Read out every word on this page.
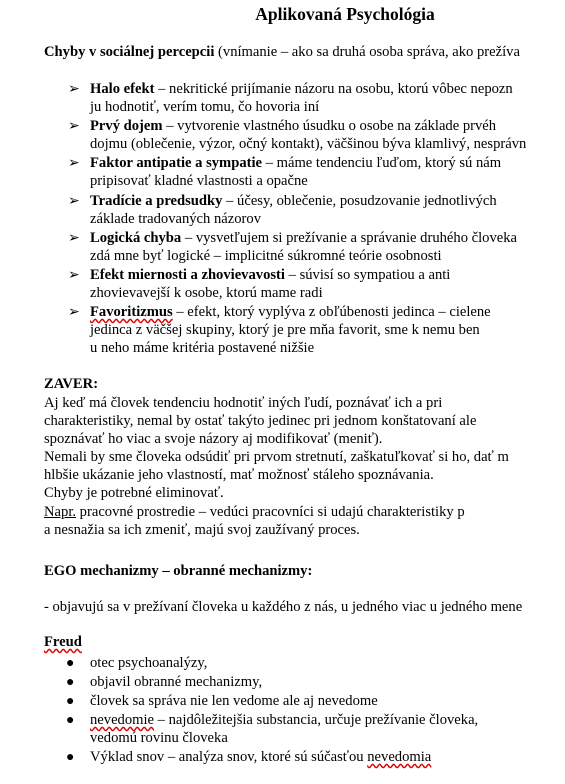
Aplikovaná Psychológia
Chyby v sociálnej percepcii (vnímanie – ako sa druhá osoba správa, ako prežíva
➢ Halo efekt – nekritické prijímanie názoru na osobu, ktorú vôbec nepozn
ju hodnotiť, verím tomu, čo hovoria iní
➢ Prvý dojem – vytvorenie vlastného úsudku o osobe na základe prvéh
dojmu (oblečenie, výzor, očný kontakt), väčšinou býva klamlivý, nesprávn
➢ Faktor antipatie a sympatie – máme tendenciu ľuďom, ktorý sú nám
pripisovať kladné vlastnosti a opačne
➢ Tradície a predsudky – účesy, oblečenie, posudzovanie jednotlivých
základe tradovaných názorov
➢ Logická chyba – vysvetľujem si prežívanie a správanie druhého človeka
zdá mne byť logické – implicitné súkromné teórie osobnosti
➢ Efekt miernosti a zhovievavosti – súvisí so sympatiou a anti
zhovievavejší k osobe, ktorú mame radi
➢ Favoritizmus – efekt, ktorý vyplýva z obľúbenosti jedinca – cielene
jedinca z väčšej skupiny, ktorý je pre mňa favorit, sme k nemu ben
u neho máme kritéria postavené nižšie
ZAVER:
Aj keď má človek tendenciu hodnotiť iných ľudí, poznávať ich a pri
charakteristiky, nemal by ostať takýto jedinec pri jednom konštatovaní ale
spoznávať ho viac a svoje názory aj modifikovať (meniť).
Nemali by sme človeka odsúdiť pri prvom stretnutí, zaškatuľkovať si ho, dať m
hlbšie ukázanie jeho vlastností, mať možnosť stáleho spoznávania.
Chyby je potrebné eliminovať.
Napr. pracovné prostredie – vedúci pracovníci si udajú charakteristiky p
a nesnažia sa ich zmeniť, majú svoj zaužívaný proces.
EGO mechanizmy – obranné mechanizmy:
- objavujú sa v prežívaní človeka u každého z nás, u jedného viac u jedného mene
Freud
● otec psychoanalýzy,
● objavil obranné mechanizmy,
● človek sa správa nie len vedome ale aj nevedome
● nevedomie – najdôležitejšia substancia, určuje prežívanie človeka,
vedomú rovinu človeka
● Výklad snov – analýza snov, ktoré sú súčasťou nevedomia
